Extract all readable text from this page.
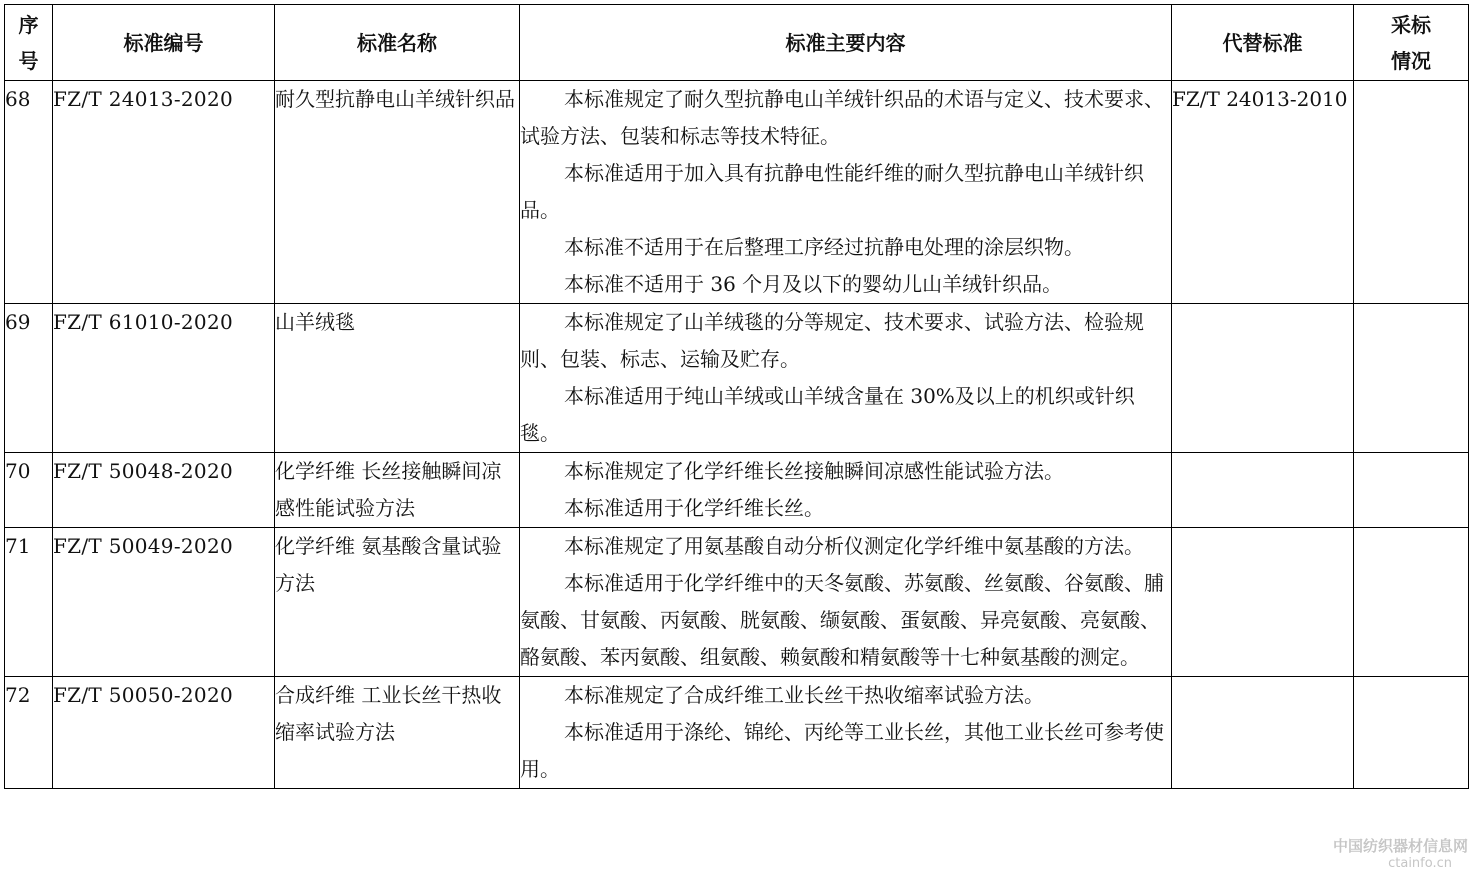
序
号	标准编号	标准名称	标准主要内容	代替标准	采标
情况

68	FZ/T 24013-2020	耐久型抗静电山羊绒针织品	本标准规定了耐久型抗静电山羊绒针织品的术语与定义、技术要求、试验方法、包装和标志等技术特征。
本标准适用于加入具有抗静电性能纤维的耐久型抗静电山羊绒针织品。
本标准不适用于在后整理工序经过抗静电处理的涂层织物。
本标准不适用于 36 个月及以下的婴幼儿山羊绒针织品。	FZ/T 24013-2010	
69	FZ/T 61010-2020	山羊绒毯	本标准规定了山羊绒毯的分等规定、技术要求、试验方法、检验规则、包装、标志、运输及贮存。
本标准适用于纯山羊绒或山羊绒含量在 30%及以上的机织或针织毯。		

70	FZ/T 50048-2020	化学纤维 长丝接触瞬间凉感性能试验方法	本标准规定了化学纤维长丝接触瞬间凉感性能试验方法。
本标准适用于化学纤维长丝。		

71	FZ/T 50049-2020	化学纤维 氨基酸含量试验方法	本标准规定了用氨基酸自动分析仪测定化学纤维中氨基酸的方法。
本标准适用于化学纤维中的天冬氨酸、苏氨酸、丝氨酸、谷氨酸、脯氨酸、甘氨酸、丙氨酸、胱氨酸、缬氨酸、蛋氨酸、异亮氨酸、亮氨酸、酪氨酸、苯丙氨酸、组氨酸、赖氨酸和精氨酸等十七种氨基酸的测定。		

72	FZ/T 50050-2020	合成纤维 工业长丝干热收缩率试验方法	本标准规定了合成纤维工业长丝干热收缩率试验方法。
本标准适用于涤纶、锦纶、丙纶等工业长丝，其他工业长丝可参考使用。		

中国纺织器材信息网
ctainfo.cn
